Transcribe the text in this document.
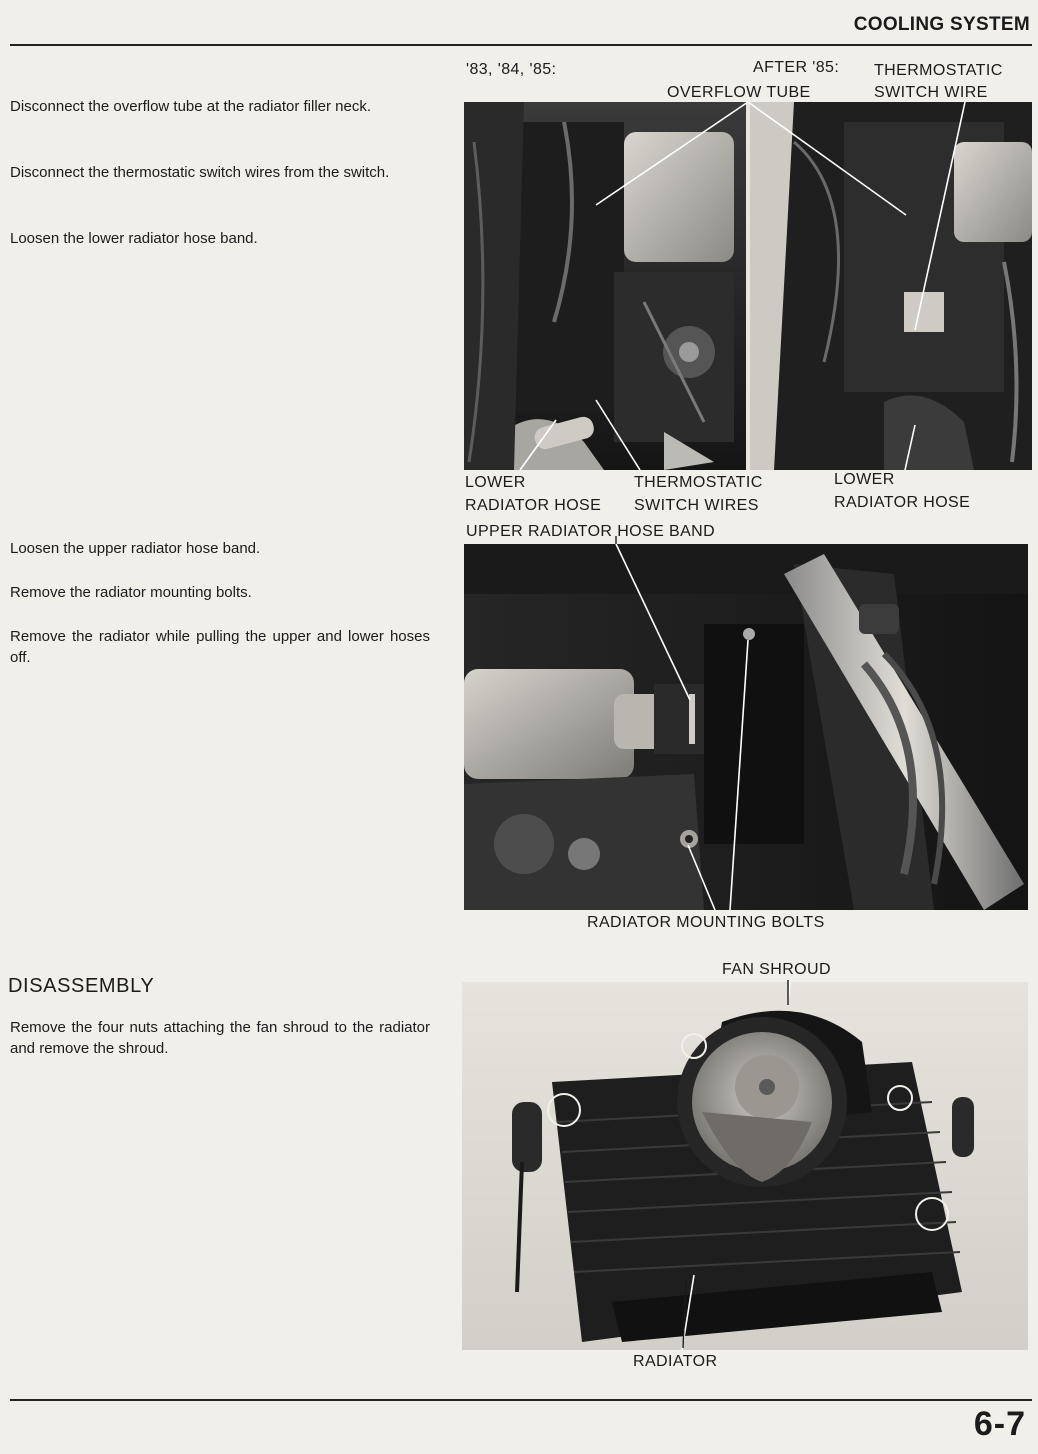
COOLING SYSTEM
Disconnect the overflow tube at the radiator filler neck.
Disconnect the thermostatic switch wires from the switch.
Loosen the lower radiator hose band.
Loosen the upper radiator hose band.
Remove the radiator mounting bolts.
Remove the radiator while pulling the upper and lower hoses off.
DISASSEMBLY
Remove the four nuts attaching the fan shroud to the radiator and remove the shroud.
'83, '84, '85:	AFTER '85:
OVERFLOW TUBE
THERMOSTATIC
SWITCH WIRE
LOWER
RADIATOR HOSE
THERMOSTATIC
SWITCH WIRES
LOWER
RADIATOR HOSE
UPPER RADIATOR HOSE BAND
RADIATOR MOUNTING BOLTS
FAN SHROUD
RADIATOR
6-7
